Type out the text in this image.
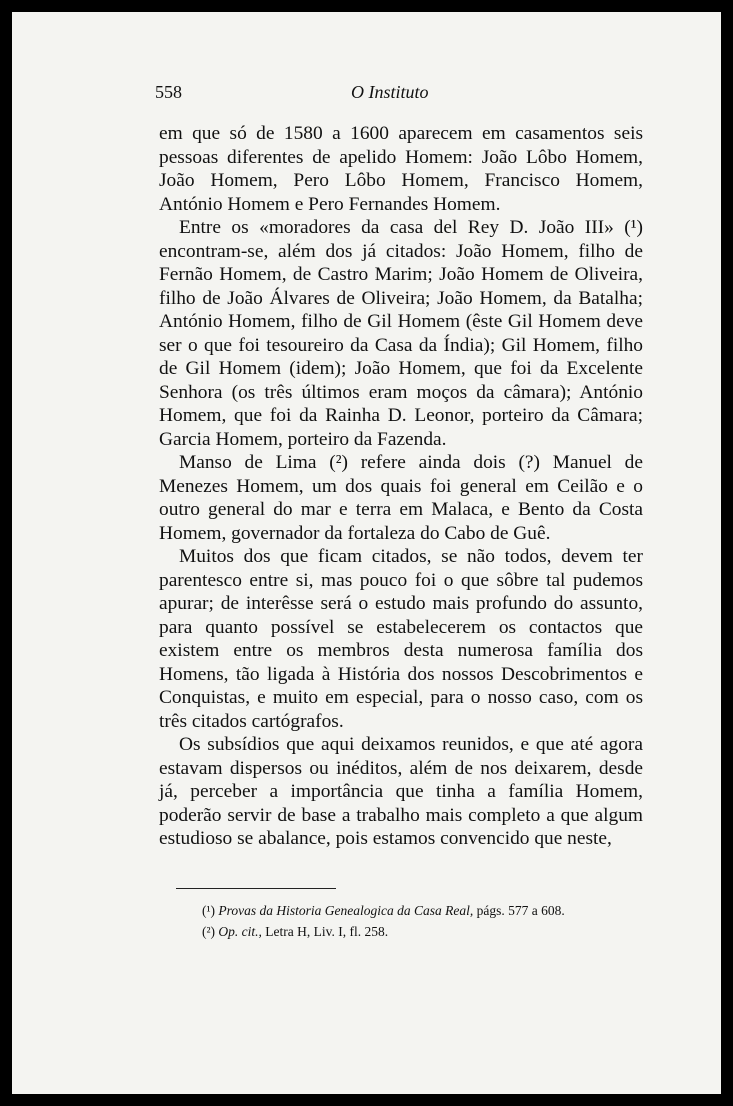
558	O Instituto

em que só de 1580 a 1600 aparecem em casamentos seis pessoas diferentes de apelido Homem: João Lôbo Homem, João Homem, Pero Lôbo Homem, Francisco Homem, António Homem e Pero Fernandes Homem.

Entre os «moradores da casa del Rey D. João III» (¹) encontram-se, além dos já citados: João Homem, filho de Fernão Homem, de Castro Marim; João Homem de Oliveira, filho de João Álvares de Oliveira; João Homem, da Batalha; António Homem, filho de Gil Homem (êste Gil Homem deve ser o que foi tesoureiro da Casa da Índia); Gil Homem, filho de Gil Homem (idem); João Homem, que foi da Excelente Senhora (os três últimos eram moços da câmara); António Homem, que foi da Rainha D. Leonor, porteiro da Câmara; Garcia Homem, porteiro da Fazenda.

Manso de Lima (²) refere ainda dois (?) Manuel de Menezes Homem, um dos quais foi general em Ceilão e o outro general do mar e terra em Malaca, e Bento da Costa Homem, governador da fortaleza do Cabo de Guê.

Muitos dos que ficam citados, se não todos, devem ter parentesco entre si, mas pouco foi o que sôbre tal pudemos apurar; de interêsse será o estudo mais profundo do assunto, para quanto possível se estabelecerem os contactos que existem entre os membros desta numerosa família dos Homens, tão ligada à História dos nossos Descobrimentos e Conquistas, e muito em especial, para o nosso caso, com os três citados cartógrafos.

Os subsídios que aqui deixamos reunidos, e que até agora estavam dispersos ou inéditos, além de nos deixarem, desde já, perceber a importância que tinha a família Homem, poderão servir de base a trabalho mais completo a que algum estudioso se abalance, pois estamos convencido que neste,

(¹) Provas da Historia Genealogica da Casa Real, págs. 577 a 608.

(²) Op. cit., Letra H, Liv. I, fl. 258.
